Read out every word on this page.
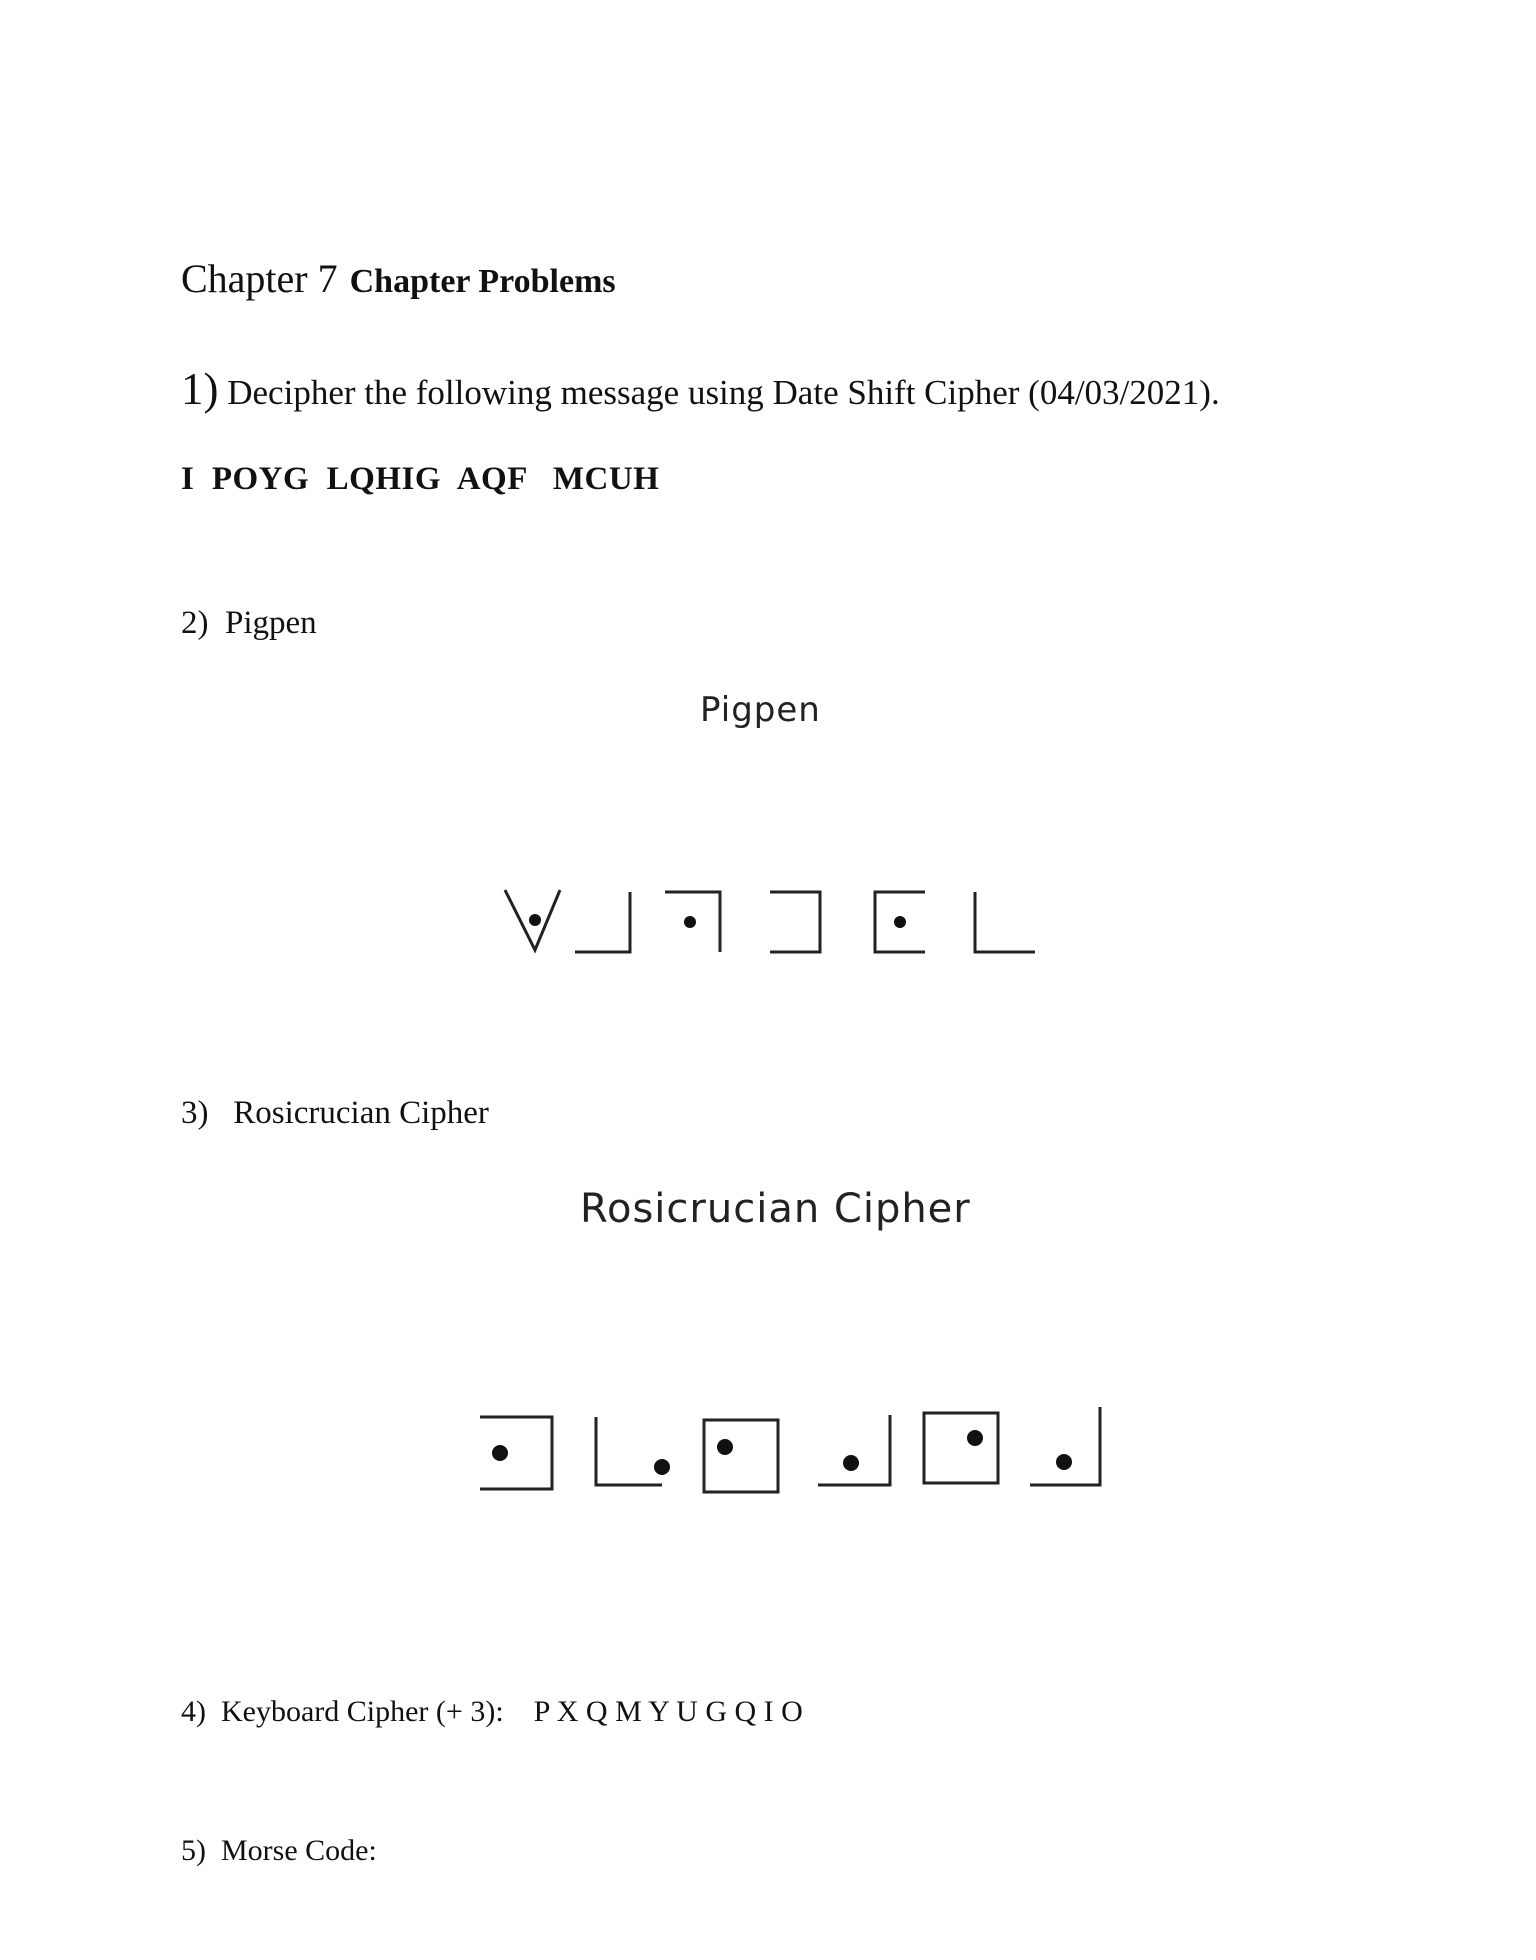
Chapter 7 Chapter Problems
1) Decipher the following message using Date Shift Cipher (04/03/2021).
I  POYG  LQHIG  AQF   MCUH
2)  Pigpen
Pigpen
3)   Rosicrucian Cipher
Rosicrucian Cipher
4)  Keyboard Cipher (+ 3): P X Q M Y U G Q I O
5)  Morse Code:
